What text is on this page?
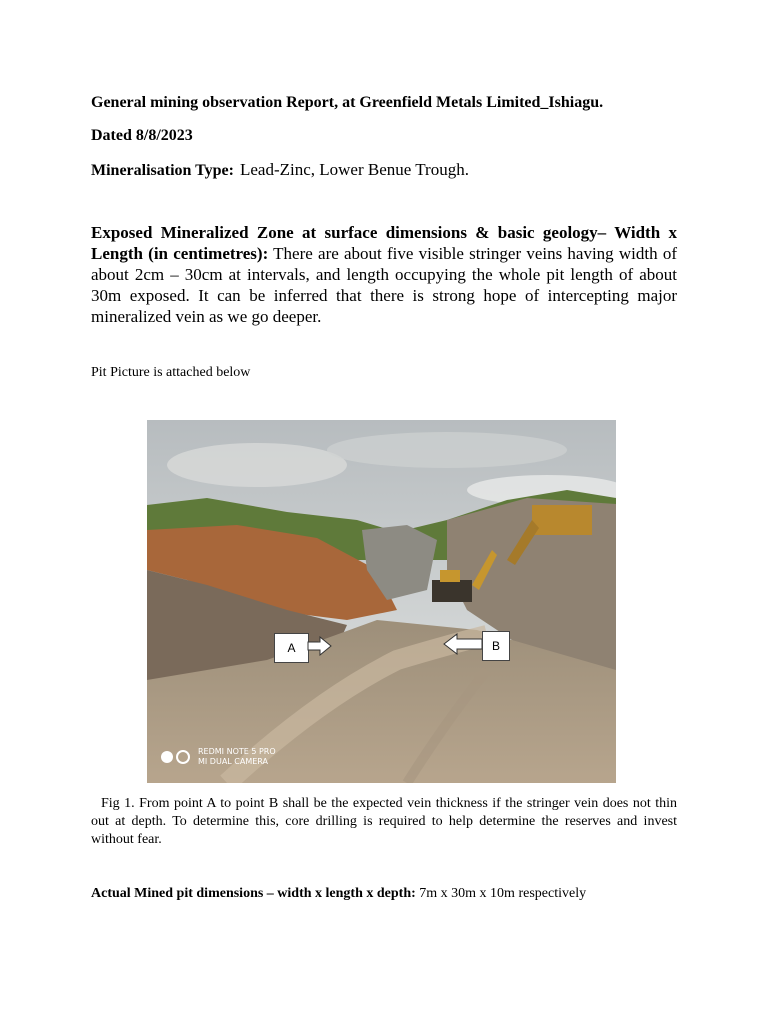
General mining observation Report, at Greenfield Metals Limited_Ishiagu.
Dated 8/8/2023
Mineralisation Type: Lead-Zinc, Lower Benue Trough.
Exposed Mineralized Zone at surface dimensions & basic geology– Width x Length (in centimetres): There are about five visible stringer veins having width of about 2cm – 30cm at intervals, and length occupying the whole pit length of about 30m exposed. It can be inferred that there is strong hope of intercepting major mineralized vein as we go deeper.
Pit Picture is attached below
Fig 1. From point A to point B shall be the expected vein thickness if the stringer vein does not thin out at depth. To determine this, core drilling is required to help determine the reserves and invest without fear.
Actual Mined pit dimensions – width x length x depth: 7m x 30m x 10m respectively
A	B
REDMI NOTE 5 PRO
MI DUAL CAMERA
